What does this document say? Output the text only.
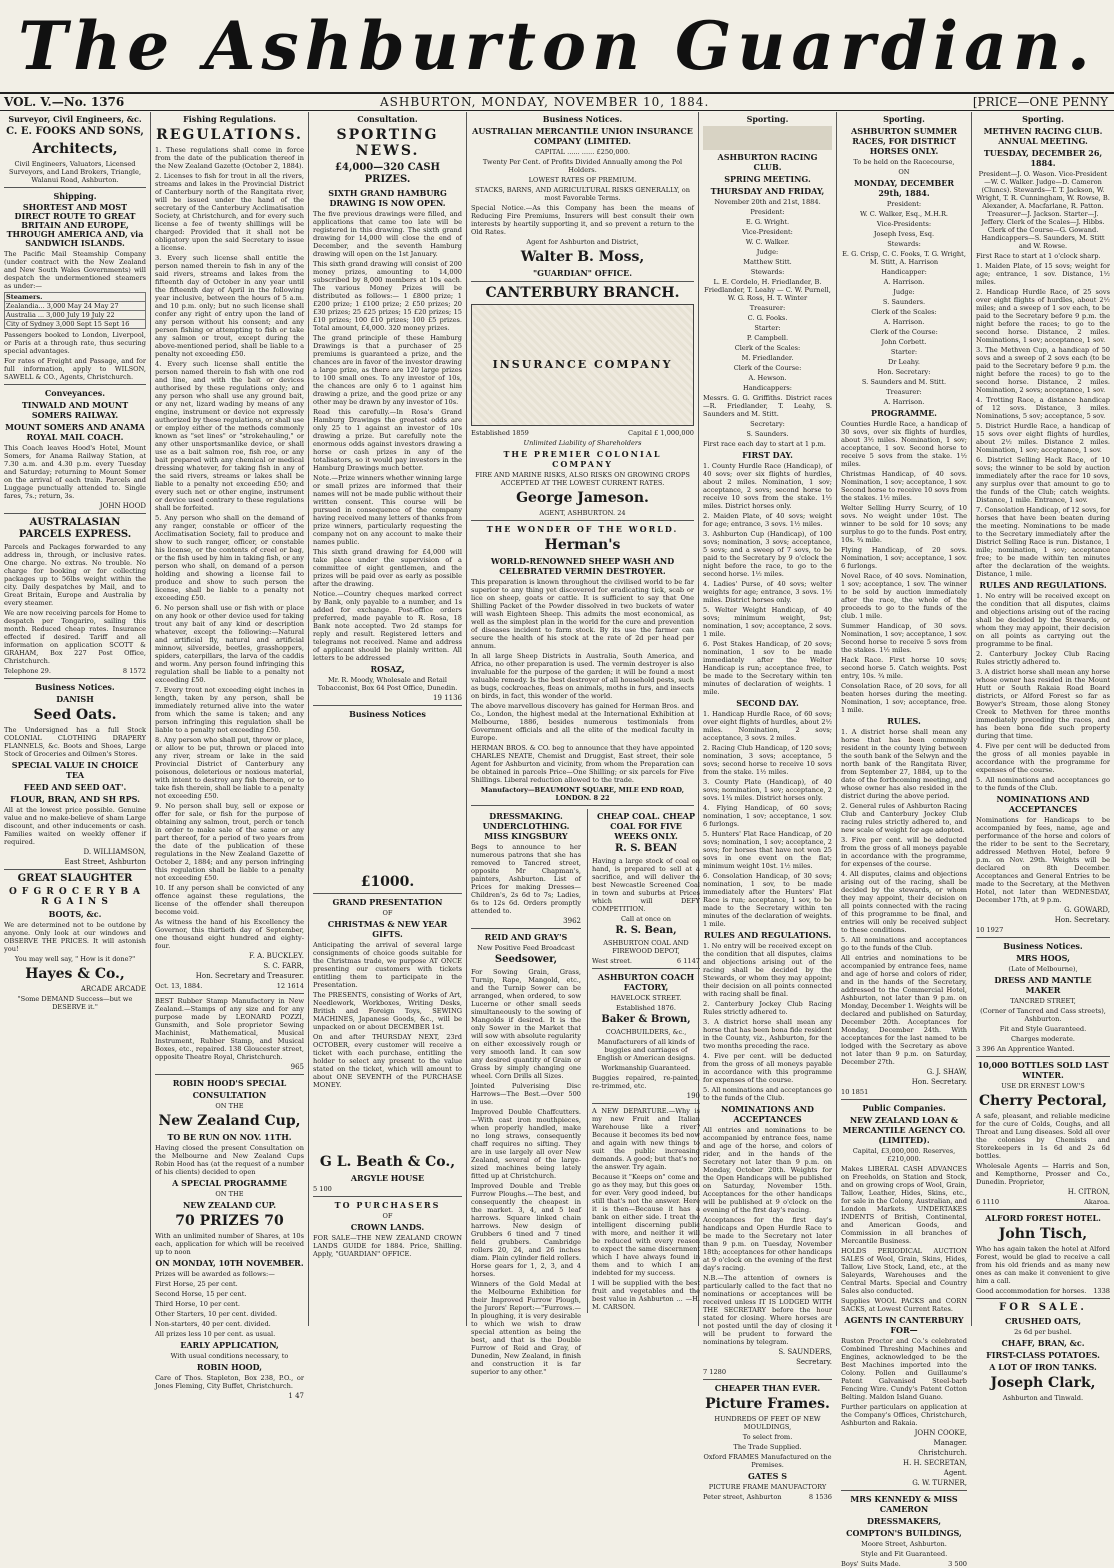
The Ashburton Guardian.
VOL. V.—No. 1376	ASHBURTON, MONDAY, NOVEMBER 10, 1884.	[PRICE—ONE PENNY
Surveyor, Civil Engineers, &c.
C. E. FOOKS AND SONS,
Architects,

Civil Engineers, Valuators, Licensed Surveyors, and Land Brokers, Triangle, Walanui Road, Ashburton.

Shipping.
SHORTEST AND MOST DIRECT ROUTE TO GREAT BRITAIN AND EUROPE, THROUGH AMERICA AND, via SANDWICH ISLANDS.

The Pacific Mail Steamship Company (under contract with the New Zealand and New South Wales Governments) will despatch the undermentioned steamers as under:—

Steamers.
Zealandia... 3,000 May 24 May 27
Australia ... 3,000 July 19 July 22
City of Sydney 3,000 Sept 15 Sept 16

Passengers booked to London, Liverpool, or Paris at a through rate, thus securing special advantages.

For rates of Freight and Passage, and for full information, apply to WILSON, SAWELL & CO., Agents, Christchurch.

Conveyances.
TINWALD AND MOUNT SOMERS RAILWAY.
MOUNT SOMERS AND ANAMA ROYAL MAIL COACH.

This Coach leaves Hood's Hotel, Mount Somers, for Anama Railway Station, at 7.30 a.m. and 4.30 p.m. every Tuesday and Saturday; returning to Mount Somer on the arrival of each train. Parcels and Luggage punctually attended to. Single fares, 7s.; return, 3s.

JOHN HOOD

AUSTRALASIAN PARCELS EXPRESS.

Parcels and Packages forwarded to any address in, through, or inclusive rates. One charge. No extras. No trouble. No charge for booking or for collecting packages up to 56lbs weight within the city. Daily despatches by Mail, and to Great Britain, Europe and Australia by every steamer.

We are now receiving parcels for Home to despatch per Tongariro, sailing this month. Reduced cheap rates. Insurance effected if desired. Tariff and all information on application SCOTT & GRAHAM, Box 227 Post Office, Christchurch.

Telephone 29.	8 1572

Business Notices.
DANISH
Seed Oats.

The Undersigned has a full Stock COLONIAL CLOTHING DRAPERY FLANNELS, &c. Boots and Shoes, Large Stock of Groceries and Oilmen's Stores.

SPECIAL VALUE IN CHOICE TEA
FEED AND SEED OAT'.
FLOUR, BRAN, AND SH RPS.

All at the lowest price possible. Genuine value and no make-believe of sham Large discount, and other inducements or cash. Families waited on weekly offener if required.

D. WILLIAMSON,

East Street, Ashburton

GREAT SLAUGHTER
O F G R O C E R Y B A R G A I N S
BOOTS, &c.

We are determined not to be outdone by anyone. Only look at our windows and OBSERVE THE PRICES. It will astonish you!

You may well say, " How is it done?"

Hayes & Co.,

ARCADE ARCADE

"Some DEMAND Success—but we DESERVE it."

Fishing Regulations.
REGULATIONS.

1. These regulations shall come in force from the date of the publication thereof in the New Zealand Gazette (October 2, 1884).

2. Licenses to fish for trout in all the rivers, streams and lakes in the Provincial District of Canterbury north of the Rangitata river, will be issued under the hand of the secretary of the Canterbury Acclimatisation Society, at Christchurch, and for every such license a fee of twenty shillings will be charged: Provided that it shall not be obligatory upon the said Secretary to issue a license.

3. Every such license shall entitle the person named therein to fish in any of the said rivers, streams and lakes from the fifteenth day of October in any year until the fifteenth day of April in the following year inclusive, between the hours of 5 a.m. and 10 p.m. only; but no such license shall confer any right of entry upon the land of any person without his consent; and any person fishing or attempting to fish or take any salmon or trout, except during the above-mentioned period, shall be liable to a penalty not exceeding £50.

4. Every such license shall entitle the person named therein to fish with one rod and line, and with the bait or devices authorised by these regulations only; and any person who shall use any ground bait, or any net, lizard wading by means of any engine, instrument or device not expressly authorized by these regulations, or shall use or employ either of the methods commonly known as "set lines" or "strokehauling," or any other unsportsmanlike device, or shall use as a bait salmon roe, fish roe, or any bait prepared with any chemical or medical dressing whatever, for taking fish in any of the said rivers, streams or lakes shall be liable to a penalty not exceeding £50; and every such net or other engine, instrument or device used contrary to these regulations shall be forfeited.

5. Any person who shall on the demand of any ranger, constable or officer of the Acclimatisation Society, fail to produce and show to such ranger, officer, or constable his license, or the contents of creel or bag, or the fish used by him in taking fish, or any person who shall, on demand of a person holding and showing a license fail to produce and show to such person the license, shall be liable to a penalty not exceeding £50.

6. No person shall use or fish with or place on any hook or other device used for taking trout any bait of any kind or description whatever, except the following:—Natural and artificial fly, natural and artificial minnow, silverside, beetles, grasshoppers, spiders, caterpillars, the larva of the caddis and worm. Any person found infringing this regulation shall be liable to a penalty not exceeding £50.

7. Every trout not exceeding eight inches in length, taken by any person, shall be immediately returned alive into the water from which the same is taken; and any person infringing this regulation shall be liable to a penalty not exceeding £50.

8. Any person who shall put, throw or place, or allow to be put, thrown or placed into any river, stream or lake in the said Provincial District of Canterbury any poisonous, deleterious or noxious material, with intent to destroy any fish therein, or to take fish therein, shall be liable to a penalty not exceeding £50.

9. No person shall buy, sell or expose or offer for sale, or fish for the purpose of obtaining any salmon, trout, perch or tench in order to make sale of the same or any part thereof, for a period of two years from the date of the publication of these regulations in the New Zealand Gazette of October 2, 1884; and any person infringing this regulation shall be liable to a penalty not exceeding £50.

10. If any person shall be convicted of any offence against these regulations, the license of the offender shall thereupon become void.

As witness the hand of his Excellency the Governor, this thirtieth day of September, one thousand eight hundred and eighty-four.

F. A. BUCKLEY.

S. C. FARR,

Hon. Secretary and Treasurer.

Oct. 13, 1884.	12 1614

BEST Rubber Stamp Manufactory in New Zealand.—Stamps of any size and for any purpose made by LEONARD POZZI, Gunsmith, and Sole proprietor Sewing Machinist, Mathematical, Musical Instrument, Rubber Stamp, and Musical Boxes, etc., repaired. 138 Gloucester street, opposite Theatre Royal, Christchurch.

965

ROBIN HOOD'S SPECIAL
CONSULTATION
ON THE
New Zealand Cup,
TO BE RUN ON NOV. 11TH.

Having closed the present Consultation on the Melbourne and New Zealand Cups Robin Hood has (at the request of a number of his clients) decided to open

A SPECIAL PROGRAMME
ON THE
NEW ZEALAND CUP.
70 PRIZES 70

With an unlimited number of Shares, at 10s each, application for which will be received up to noon

ON MONDAY, 10TH NOVEMBER.

Prizes will be awarded as follows:—

First Horse, 25 per cent.

Second Horse, 15 per cent.

Third Horse, 10 per cent.

Other Starters, 10 per cent. divided.

Non-starters, 40 per cent. divided.

All prizes less 10 per cent. as usual.

EARLY APPLICATION,

With usual conditions necessary, to

ROBIN HOOD,

Care of Thos. Stapleton, Box 238, P.O., or Jones Fleming, City Buffet, Christchurch.

1 47

Consultation.
SPORTING NEWS.
£4,000—320 CASH PRIZES.
SIXTH GRAND HAMBURG DRAWING IS NOW OPEN.

The five previous drawings were filled, and applications that came too late will be registered in this drawing. The sixth grand drawing for 14,000 will close the end of December, and the seventh Hamburg drawing will open on the 1st January.

This sixth grand drawing will consist of 200 money prizes, amounting to 14,000 subscribed by 8,000 members at 10s each. The various Money Prizes will be distributed as follows:— 1 £800 prize; 1 £200 prize; 1 £100 prize; 2 £50 prizes; 20 £30 prizes; 25 £25 prizes; 15 £20 prizes; 15 £10 prizes; 100 £10 prizes; 100 £5 prizes. Total amount, £4,000. 320 money prizes.

The grand principle of these Hamburg Drawings is that a purchaser of 25 premiums is guaranteed a prize, and the chances are in favor of the investor drawing a large prize, as there are 120 large prizes to 100 small ones. To any investor of 10s, the chances are only 6 to 1 against him drawing a prize, and the good prize or any other may be drawn by any investor of 10s.

Read this carefully.—In Rosa's Grand Hamburg Drawings the greatest odds are only 25 to 1 against an investor of 10s drawing a prize. But carefully note the enormous odds against investors drawing a horse or cash prizes in any of the totalisators, so it would pay investors in the Hamburg Drawings much better.

Note.—Prize winners whether winning large or small prizes are informed that their names will not be made public without their written consent. This course will be pursued in consequence of the company having received many letters of thanks from prize winners, particularly requesting the company not on any account to make their names public.

This sixth grand drawing for £4,000 will take place under the supervision of a committee of eight gentlemen, and the prizes will be paid over as early as possible after the drawing.

Notice.—Country cheques marked correct by Bank, only payable to a number, and 1s added for exchange. Post-office orders preferred, made payable to R. Rosa, 18 Bank note accepted. Two 2d stamps for reply and result. Registered letters and telegrams not received. Name and address of applicant should be plainly written. All letters to be addressed

ROSAZ,

Mr. R. Moody, Wholesale and Retail Tobacconist, Box 64 Post Office, Dunedin.

19 1136

Business Notices
£1000.
GRAND PRESENTATION
OF
CHRISTMAS & NEW YEAR GIFTS.

Anticipating the arrival of several large consignments of choice goods suitable for the Christmas trade, we purpose AT ONCE presenting our customers with tickets entitling them to participate in the Presentation.

The PRESENTS, consisting of Works of Art, Needlework, Workboxes, Writing Desks, British and Foreign Toys, SEWING MACHINES, Japanese Goods, &c., will be unpacked on or about DECEMBER 1st.

On and after THURSDAY NEXT, 23rd OCTOBER, every customer will receive a ticket with each purchase, entitling the holder to select any present to the value stated on the ticket, which will amount to about ONE SEVENTH of the PURCHASE MONEY.

G L. Beath & Co.,
ARGYLE HOUSE

5 100

TO PURCHASERS
OF
CROWN LANDS.

FOR SALE—THE NEW ZEALAND CROWN LANDS GUIDE for 1884. Price, Shilling. Apply, "GUARDIAN" OFFICE.

Business Notices.
AUSTRALIAN MERCANTILE UNION INSURANCE COMPANY (LIMITED.

CAPITAL ...... ...... £250,000.

Twenty Per Cent. of Profits Divided Annually among the Pol Holders.

LOWEST RATES OF PREMIUM.

STACKS, BARNS, AND AGRICULTURAL RISKS GENERALLY, on most Favorable Terms.

Special Notice.—As this Company has been the means of Reducing Fire Premiums, Insurers will best consult their own interests by heartily supporting it, and so prevent a return to the Old Rates.

Agent for Ashburton and District,

Walter B. Moss,
"GUARDIAN" OFFICE.
CANTERBURY BRANCH.
INSURANCE COMPANY

Established 1859	Capital £ 1,000,000

Unlimited Liability of Shareholders

THE PREMIER COLONIAL COMPANY

FIRE AND MARINE RISKS, ALSO RISKS ON GROWING CROPS ACCEPTED AT THE LOWEST CURRENT RATES.

George Jameson.

AGENT, ASHBURTON. 24

THE WONDER OF THE WORLD.
Herman's
WORLD-RENOWNED SHEEP WASH AND CELEBRATED VERMIN DESTROYER.

This preparation is known throughout the civilised world to be far superior to any thing yet discovered for eradicating tick, scab or lice on sheep, goats or cattle. It is sufficient to say that One Shilling Packet of the Powder dissolved in two buckets of water will wash Eighteen Sheep. This admits the most economical, as well as the simplest plan in the world for the cure and prevention of diseases incident to farm stock. By its use the farmer can secure the health of his stock at the rate of 2d per head per annum.

In all large Sheep Districts in Australia, South America, and Africa, no other preparation is used. The vermin destroyer is also invaluable for the purpose of the garden; it will be found a most valuable remedy. Is the best destroyer of all household pests, such as bugs, cockroaches, fleas on animals, moths in furs, and insects on birds, in fact, this wonder of the world.

The above marvellous discovery has gained for Herman Bros. and Co., London, the highest medal at the International Exhibition at Melbourne, 1886, besides numerous testimonials from Government officials and all the elite of the medical faculty in Europe.

HERMAN BROS. & CO. beg to announce that they have appointed CHARLES NEATE, Chemist and Druggist, East street, their sole Agent for Ashburton and vicinity, from whom the Preparation can be obtained in parcels Price—One Shilling; or six parcels for Five Shillings. Liberal reduction allowed to the trade.

Manufactory—BEAUMONT SQUARE, MILE END ROAD, LONDON. 8 22

DRESSMAKING. UNDERCLOTHING. MISS KINGSBURY

Begs to announce to her numerous patrons that she has removed to Tancred street, opposite Mr Chapman's, painters, Ashburton. List of Prices for making Dresses—Children's, 2s 6d to 7s; Ladies, 6s to 12s 6d. Orders promptly attended to.

3962

REID AND GRAY'S

New Positive Feed Broadcast

Seedsower,

For Sowing Grain, Grass, Turnip, Rape, Mangold, etc., and the Turnip Sower can be arranged, when ordered, to sow Lucerne or other small seeds simultaneously to the sowing of Mangolds if desired. It is the only Sower in the Market that will sow with absolute regularity on either excessively rough or very smooth land. It can sow any desired quantity of Grain or Grass by simply changing one wheel. Corn Drills all Sizes.

Jointed Pulverising Disc Harrows—The Best.—Over 500 in use.

Improved Double Chaffcutters.—With cast iron mouthpieces, when properly handled, make no long straws, consequently chaff requires no sifting. They are in use largely all over New Zealand, several of the large-sized machines being lately fitted up at Christchurch.

Improved Double and Treble Furrow Ploughs.—The best, and consequently the cheapest in the market. 3, 4, and 5 leaf harrows. Square linked chain harrows. New design of Grubbers 6 tined and 7 tined field grubbers. Cambridge rollers 20, 24, and 26 inches diam. Plain cylinder field rollers. Horse gears for 1, 2, 3, and 4 horses.

Winners of the Gold Medal at the Melbourne Exhibition for their Improved Furrow Plough, the Jurors' Report:—"Furrows.—In ploughing, it is very desirable to which we wish to draw special attention as being the best, and that is the Double Furrow of Reid and Gray, of Dunedin, New Zealand, in finish and construction it is far superior to any other."

CHEAP COAL. CHEAP COAL FOR FIVE WEEKS ONLY.
R. S. BEAN

Having a large stock of coal on hand, is prepared to sell at a sacrifice, and will deliver the best Newcastle Screened Coal in town and suburbs at Prices which will DEFY COMPETITION.

Call at once on

R. S. Bean,

ASHBURTON COAL AND FIREWOOD DEPOT,

West street.	6 1147

ASHBURTON COACH FACTORY,

HAVELOCK STREET.

Established 1876.

Baker & Brown,

COACHBUILDERS, &c.,

Manufacturers of all kinds of buggies and carriages of English or American designs.

Workmanship Guaranteed.

Buggies repaired, re-painted, re-trimmed, etc.

190

A NEW DEPARTURE.—Why is my new Fruit and Italian Warehouse like a river? Because it becomes its bed now and again with new things to suit the public increasing demands. A good; but that's not the answer. Try again.

Because it "Keeps on" come and go as they may, but this goes on for ever. Very good indeed, but still that's not the answer. Here it is then—Because it has a bank on either side. I treat the intelligent discerning public with more, and neither it will be reduced with every reason to expect the same discernment which I have always found in them and to which I am indebted for my success.

I will be supplied with the best fruit and vegetables and the best value in Ashburton ... —H. M. CARSON.

Sporting.
ASHBURTON RACING CLUB.
SPRING MEETING.
THURSDAY AND FRIDAY,

November 20th and 21st, 1884.

President:

E. G. Wright.

Vice-President:

W. C. Walker.

Judge:

Matthew Stitt.

Stewards:

L. E. Cordelo, H. Friedlander, B. Friedlander, T. Leahy — C. W. Purnell, W. G. Ross, H. T. Winter

Treasurer:

C. G. Fooks.

Starter:

P. Campbell.

Clerk of the Scales:

M. Friedlander.

Clerk of the Course:

A. Hewson.

Handicappers:

Messrs. G. G. Griffiths. District races —R. Friedlander, T. Leahy, S. Saunders and M. Stitt.

Secretary:

S. Saunders.

First race each day to start at 1 p.m.

FIRST DAY.

1. County Hurdle Race (Handicap), of 40 sovs; over six flights of hurdles, about 2 miles. Nomination, 1 sov; acceptance, 2 sovs; second horse to receive 10 sovs from the stake. 1½ miles. District horses only.

2. Maiden Plate, of 40 sovs; weight for age; entrance, 3 sovs. 1½ miles.

3. Ashburton Cup (Handicap), of 100 sovs; nomination, 3 sovs; acceptance, 5 sovs; and a sweep of 7 sovs, to be paid to the Secretary by 9 o'clock the night before the race, to go to the second horse. 1½ miles.

4. Ladies' Purse, of 40 sovs; welter weights for age; entrance, 3 sovs. 1½ miles. District horses only.

5. Welter Weight Handicap, of 40 sovs; minimum weight, 9st; nomination, 1 sov; acceptance, 2 sovs. 1 mile.

6. Post Stakes Handicap, of 20 sovs; nomination, 1 sov to be made immediately after the Welter Handicap is run; acceptance free, to be made to the Secretary within ten minutes of declaration of weights. 1 mile.

SECOND DAY.

1. Handicap Hurdle Race, of 60 sovs; over eight flights of hurdles, about 2½ miles. Nomination, 2 sovs; acceptance, 3 sovs. 2 miles.

2. Racing Club Handicap, of 120 sovs; nomination, 3 sovs; acceptance, 5 sovs; second horse to receive 10 sovs from the stake. 1½ miles.

3. County Plate (Handicap), of 40 sovs; nomination, 1 sov; acceptance, 2 sovs. 1¼ miles. District horses only.

4. Flying Handicap, of 60 sovs; nomination, 1 sov; acceptance, 1 sov. 6 furlongs.

5. Hunters' Flat Race Handicap, of 20 sovs; nomination, 1 sov; acceptance, 2 sovs; for horses that have not won 25 sovs in one event on the flat; minimum weight 10st. 1½ miles.

6. Consolation Handicap, of 30 sovs; nomination, 1 sov, to be made immediately after the Hunters' Flat Race is run; acceptance, 1 sov, to be made to the Secretary within ten minutes of the declaration of weights. 1 mile.

RULES AND REGULATIONS.

1. No entry will be received except on the condition that all disputes, claims and objections arising out of the racing shall be decided by the Stewards, or whom they may appoint; their decision on all points connected with racing shall be final.

2. Canterbury Jockey Club Racing Rules strictly adhered to.

3. A district horse shall mean any horse that has been bona fide resident in the County, viz., Ashburton, for the two months preceding the race.

4. Five per cent. will be deducted from the gross of all moneys payable in accordance with this programme for expenses of the course.

5. All nominations and acceptances go to the funds of the Club.

NOMINATIONS AND ACCEPTANCES

All entries and nominations to be accompanied by entrance fees, name and age of the horse, and colors of rider, and in the hands of the Secretary not later than 9 p.m. on Monday, October 20th. Weights for the Open Handicaps will be published on Saturday, November 15th. Acceptances for the other handicaps will be published at 9 o'clock on the evening of the first day's racing.

Acceptances for the first day's handicaps and Open Hurdle Race to be made to the Secretary not later than 9 p.m. on Tuesday, November 18th; acceptances for other handicaps at 9 o'clock on the evening of the first day's racing.

N.B.—The attention of owners is particularly called to the fact that no nominations or acceptances will be received unless IT IS LODGED WITH THE SECRETARY before the hour stated for closing. Where horses are not posted until the day of closing it will be prudent to forward the nominations by telegram.

S. SAUNDERS,

Secretary.

7 1280

CHEAPER THAN EVER.
Picture Frames.

HUNDREDS OF FEET OF NEW MOULDINGS,

To select from.

The Trade Supplied.

Oxford FRAMES Manufactured on the Premises.

GATES S

PICTURE FRAME MANUFACTORY

Peter street, Ashburton	8 1536

Sporting.
ASHBURTON SUMMER RACES, FOR DISTRICT HORSES ONLY.

To be held on the Racecourse,

ON

MONDAY, DECEMBER 29th, 1884.

President:

W. C. Walker, Esq., M.H.R.

Vice-Presidents:

Joseph Ivess, Esq.

Stewards:

E. G. Crisp, C. C. Fooks, T. G. Wright, M. Stitt, A. Harrison

Handicapper:

A. Harrison.

Judge:

S. Saunders.

Clerk of the Scales:

A. Harrison.

Clerk of the Course:

John Corbett.

Starter:

Dr Leahy.

Hon. Secretary:

S. Saunders and M. Stitt.

Treasurer:

A. Harrison.

PROGRAMME.

Counties Hurdle Race, a handicap of 30 sovs, over six flights of hurdles, about 3½ miles. Nomination, 1 sov; acceptance, 1 sov. Second horse to receive 5 sovs from the stake. 1½ miles.

Christmas Handicap, of 40 sovs. Nomination, 1 sov; acceptance, 1 sov. Second horse to receive 10 sovs from the stakes. 1½ miles.

Welter Selling Hurry Scurry, of 10 sovs. No weight under 10st. The winner to be sold for 10 sovs; any surplus to go to the funds. Post entry, 10s. ¾ mile.

Flying Handicap, of 20 sovs. Nomination, 1 sov; acceptance, 1 sov. 6 furlongs.

Novel Race, of 40 sovs. Nomination, 1 sov; acceptance, 1 sov. The winner to be sold by auction immediately after the race, the whole of the proceeds to go to the funds of the club. 1 mile.

Summer Handicap, of 30 sovs. Nomination, 1 sov; acceptance, 1 sov. Second horse to receive 5 sovs from the stakes. 1½ miles.

Hack Race. First horse 10 sovs; second horse 5. Catch weights. Post entry, 10s. ¾ mile.

Consolation Race, of 20 sovs, for all beaten horses during the meeting. Nomination, 1 sov; acceptance, free. 1 mile.

RULES.

1. A district horse shall mean any horse that has been commonly resident in the county lying between the south bank of the Selwyn and the north bank of the Rangitata River, from September 27, 1884, up to the date of the forthcoming meeting, and whose owner has also resided in the district during the above period.

2. General rules of Ashburton Racing Club and Canterbury Jockey Club racing rules strictly adhered to, and new scale of weight for age adopted.

3. Five per cent. will be deducted from the gross of all moneys payable in accordance with the programme, for expenses of the course.

4. All disputes, claims and objections arising out of the racing, shall be decided by the stewards, or whom they may appoint, their decision on all points connected with the racing of this programme to be final, and entries will only be received subject to these conditions.

5. All nominations and acceptances go to the funds of the Club.

All entries and nominations to be accompanied by entrance fees, name and age of horse and colors of rider, and in the hands of the Secretary, addressed to the Commercial Hotel, Ashburton, not later than 9 p.m. on Monday, December 1. Weights will be declared and published on Saturday, December 20th. Acceptances for Monday, December 24th. With acceptances for the last named to be lodged with the Secretary as above not later than 9 p.m. on Saturday, December 27th.

G. J. SHAW,

Hon. Secretary.

10 1851

Public Companies.
NEW ZEALAND LOAN & MERCANTILE AGENCY CO. (LIMITED).

Capital, £3,000,000. Reserves, £210,000.

Makes LIBERAL CASH ADVANCES on Freeholds, on Station and Stock, and on growing crops of Wool, Grain, Tallow, Leather, Hides, Skins, etc., for sale in the Colony, Australian, and London Markets. UNDERTAKES INDENTS of British, Continental, and American Goods, and Commission in all branches of Mercantile Business.

HOLDS PERIODICAL AUCTION SALES of Wool, Grain, Skins, Hides, Tallow, Live Stock, Land, etc., at the Saleyards, Warehouses and the Central Marts. Special and Country Sales also conducted.

Supplies WOOL PACKS and CORN SACKS, at Lowest Current Rates.

AGENTS IN CANTERBURY FOR—

Ruston Proctor and Co.'s celebrated Combined Threshing Machines and Engines, acknowledged to be the Best Machines imported into the Colony. Pollen and Guillaume's Patent Galvanised Steel-barb Fencing Wire. Cundy's Patent Cotton Belting. Maldon Island Guano.

Further particulars on application at the Company's Offices, Christchurch, Ashburton and Rakaia.

JOHN COOKE,

Manager.

Christchurch.

H. H. SECRETAN,

Agent.

G. W. TURNER,

MRS KENNEDY & MISS CAMERON
DRESSMAKERS,
COMPTON'S BUILDINGS,

Moore Street, Ashburton.

Style and Fit Guaranteed.

Boys' Suits Made.	3 500

Sporting.
METHVEN RACING CLUB. ANNUAL MEETING.
TUESDAY, DECEMBER 26, 1884.

President—J. O. Wason. Vice-President—W. C. Walker. Judge—D. Cameron (Cluncs). Stewards—T. T. Jackson, W. Wright, T. R. Cunningham, W. Rowse, B. Alexander, A. Macfarlane, R. Patton. Treasurer—J. Jackson. Starter—J. Jeffery. Clerk of the Scales—J. Hibbs. Clerk of the Course—G. Gowand. Handicappers—S. Saunders, M. Stitt and W. Rowse.

First Race to start at 1 o'clock sharp.

1. Maiden Plate, of 15 sovs; weight for age; entrance, 1 sov. Distance, 1½ miles.

2. Handicap Hurdle Race, of 25 sovs over eight flights of hurdles, about 2½ miles; and a sweep of 1 sov each, to be paid to the Secretary before 9 p.m. the night before the races; to go to the second horse. Distance, 2 miles. Nominations, 1 sov; acceptance, 1 sov.

3. The Methven Cup, a handicap of 50 sovs and a sweep of 2 sovs each (to be paid to the Secretary before 9 p.m. the night before the races) to go to the second horse. Distance, 2 miles. Nomination, 2 sovs; acceptance, 1 sov.

4. Trotting Race, a distance handicap of 12 sovs. Distance, 3 miles. Nominations, 5 sov; acceptance, 5 sov.

5. District Hurdle Race, a handicap of 15 sovs over eight flights of hurdles, about 2½ miles. Distance 2 miles. Nomination, 1 sov; acceptance, 1 sov.

6. District Selling Hack Race, of 10 sovs; the winner to be sold by auction immediately after the race for 10 sovs, any surplus over that amount to go to the funds of the Club; catch weights. Distance, 1 mile. Entrance, 1 sov.

7. Consolation Handicap, of 12 sovs, for horses that have been beaten during the meeting. Nominations to be made to the Secretary immediately after the District Selling Race is run. Distance, 1 mile; nomination, 1 sov; acceptance free; to be made within ten minutes after the declaration of the weights. Distance, 1 mile.

RULES AND REGULATIONS.

1. No entry will be received except on the condition that all disputes, claims and objections arising out of the racing shall be decided by the Stewards, or whom they may appoint, their decision on all points as carrying out the programme to be final.

2. Canterbury Jockey Club Racing Rules strictly adhered to.

3. A district horse shall mean any horse whose owner has resided in the Mount Hutt or South Rakaia Road Board districts, or Alford Forest so far as Bowyer's Stream, those along Stoney Creek to Methven for three months immediately preceding the races, and has been bona fide such property during that time.

4. Five per cent will be deducted from the gross of all monies payable in accordance with the programme for expenses of the course.

5. All nominations and acceptances go to the funds of the Club.

NOMINATIONS AND ACCEPTANCES

Nominations for Handicaps to be accompanied by fees, name, age and performance of the horse and colors of the rider to be sent to the Secretary, addressed Methven Hotel, before 9 p.m. on Nov. 29th. Weights will be declared on 8th December. Acceptances and General Entries to be made to the Secretary, at the Methven Hotel, not later than WEDNESDAY, December 17th, at 9 p.m.

G. GOWARD,

Hon. Secretary.

10 1927

Business Notices.
MRS HOOS,

(Late of Melbourne),

DRESS AND MANTLE MAKER

TANCRED STREET,

(Corner of Tancred and Cass streets), Ashburton.

Fit and Style Guaranteed.

Charges moderate.

3 396 An Apprentice Wanted.

10,000 BOTTLES SOLD LAST WINTER.

USE DR ERNEST LOW'S

Cherry Pectoral,

A safe, pleasant, and reliable medicine for the cure of Colds, Coughs, and all Throat and Lung diseases. Sold all over the colonies by Chemists and Storekeepers in 1s 6d and 2s 6d bottles.

Wholesale Agents — Harris and Son, and Kempthorne, Prosser and Co., Dunedin. Proprietor,

H. CITRON,

6 1110	Akaroa.

ALFORD FOREST HOTEL.
John Tisch,

Who has again taken the hotel at Alford Forest, would be glad to receive a call from his old friends and as many new ones as can make it convenient to give him a call.

Good accommodation for horses. 1338

FOR SALE.
CRUSHED OATS,

2s 6d per bushel.

CHAFF, BRAN, &c.
FIRST-CLASS POTATOES.
A LOT OF IRON TANKS.
Joseph Clark,

Ashburton and Tinwald.
